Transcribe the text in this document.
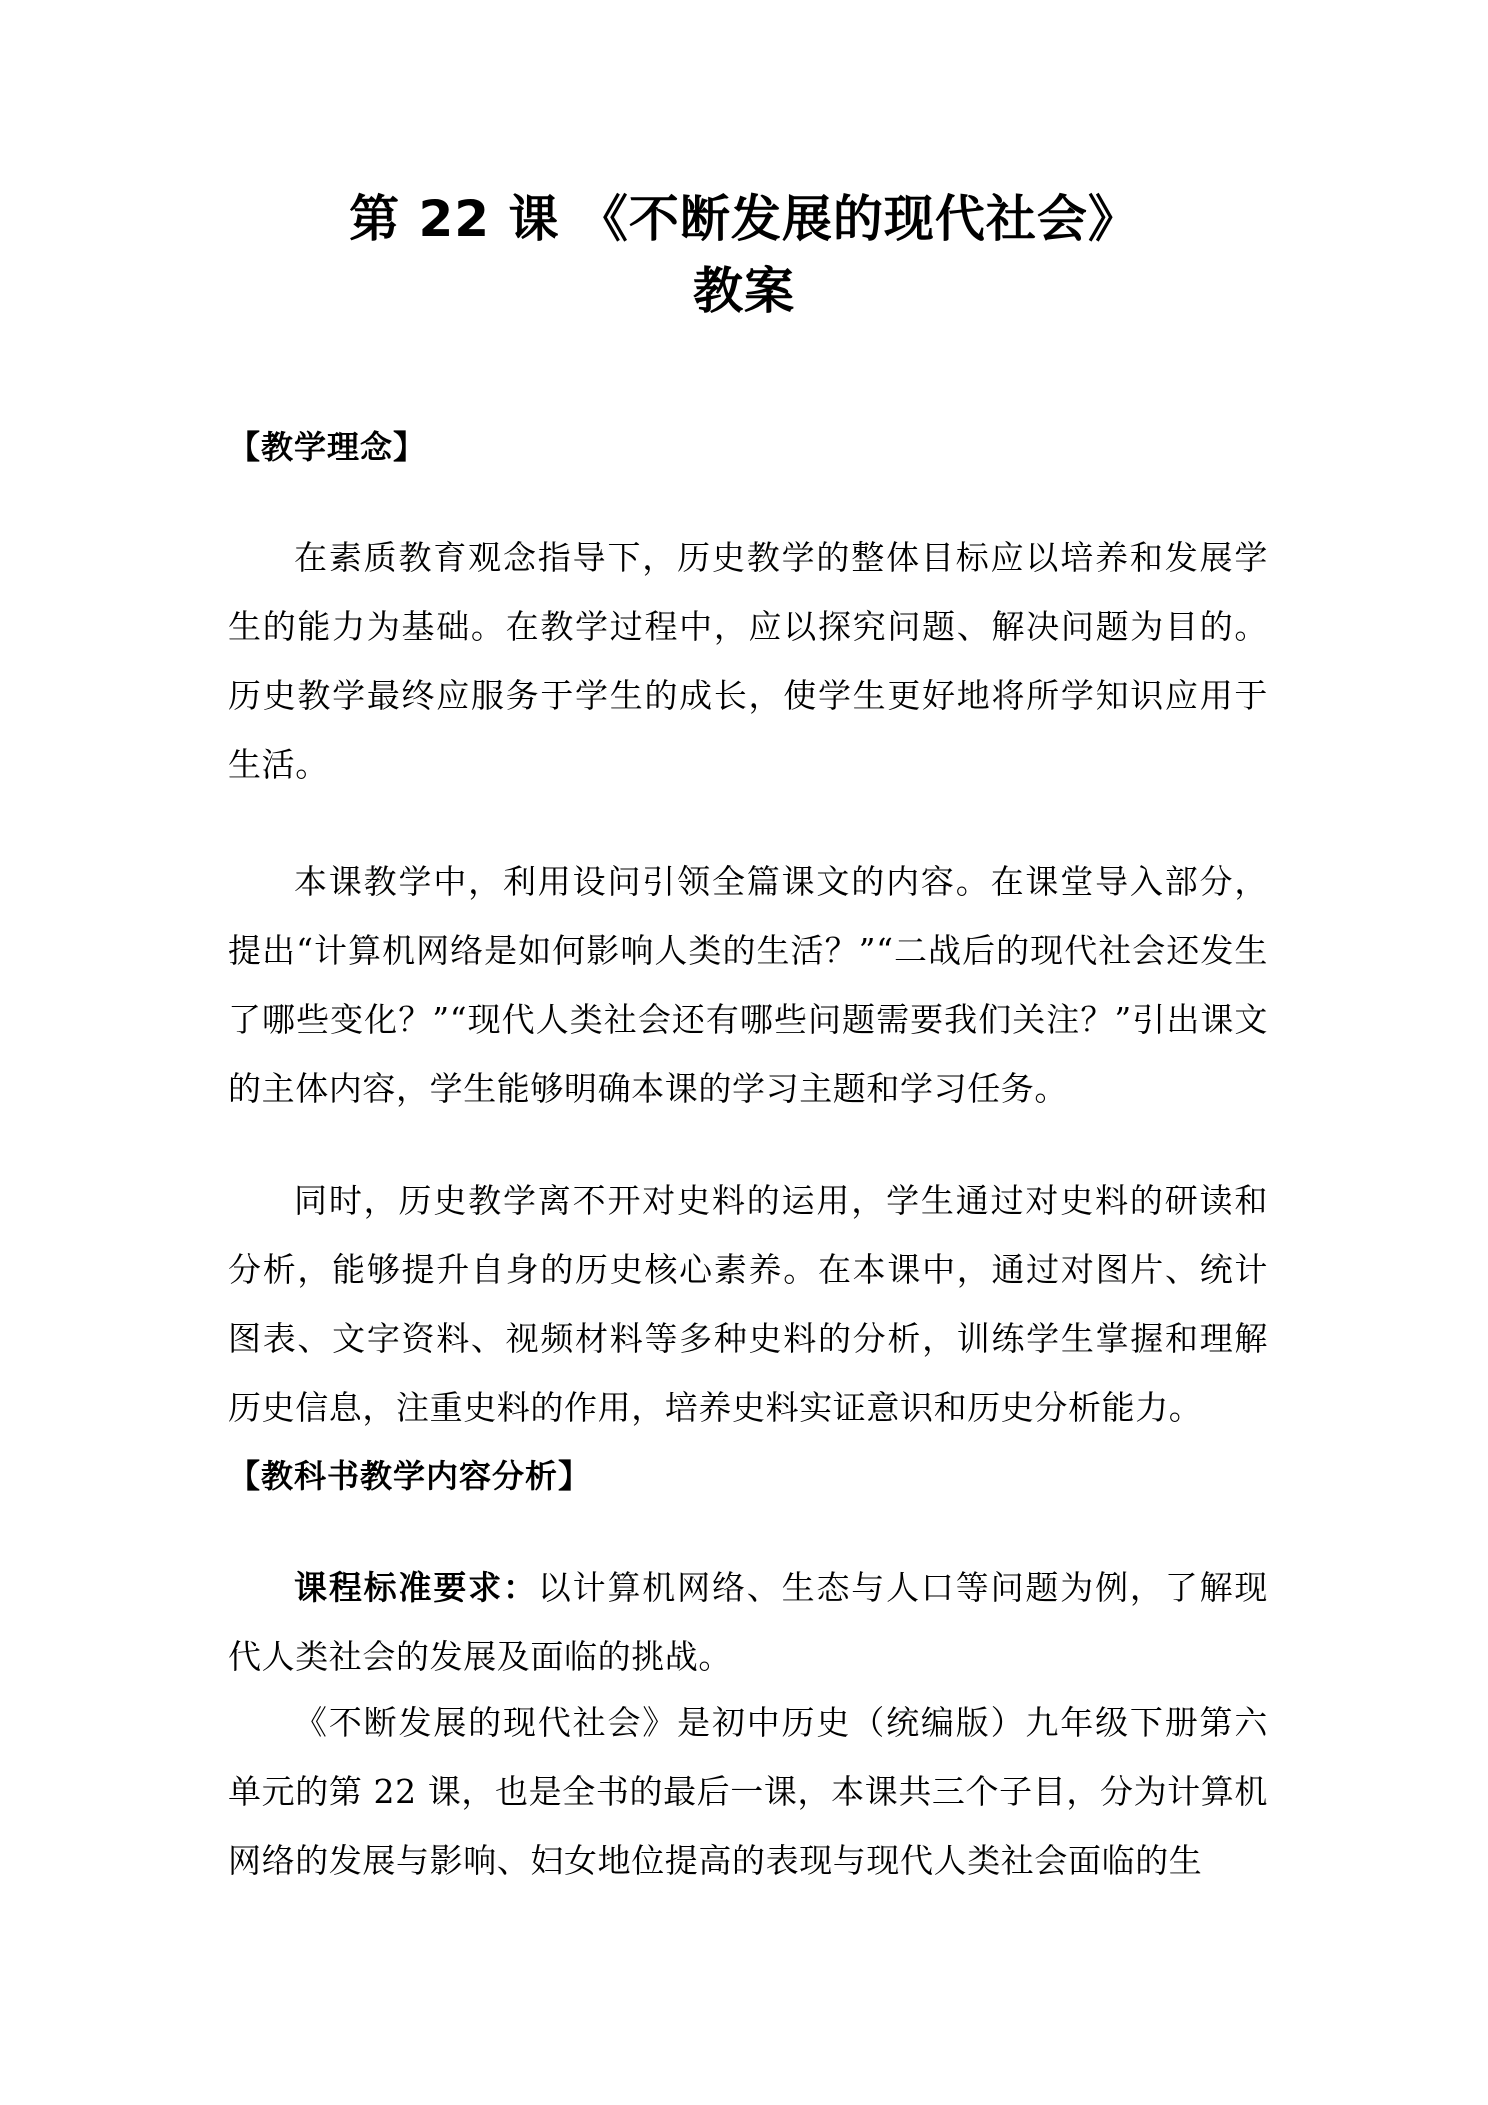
第 22 课 《不断发展的现代社会》
教案
【教学理念】

在素质教育观念指导下，历史教学的整体目标应以培养和发展学生的能力为基础。在教学过程中，应以探究问题、解决问题为目的。历史教学最终应服务于学生的成长，使学生更好地将所学知识应用于生活。

本课教学中，利用设问引领全篇课文的内容。在课堂导入部分，提出“计算机网络是如何影响人类的生活？”“二战后的现代社会还发生了哪些变化？”“现代人类社会还有哪些问题需要我们关注？”引出课文的主体内容，学生能够明确本课的学习主题和学习任务。

同时，历史教学离不开对史料的运用，学生通过对史料的研读和分析，能够提升自身的历史核心素养。在本课中，通过对图片、统计图表、文字资料、视频材料等多种史料的分析，训练学生掌握和理解历史信息，注重史料的作用，培养史料实证意识和历史分析能力。

【教科书教学内容分析】

课程标准要求：以计算机网络、生态与人口等问题为例，了解现代人类社会的发展及面临的挑战。

《不断发展的现代社会》是初中历史（统编版）九年级下册第六单元的第 22 课，也是全书的最后一课，本课共三个子目，分为计算机网络的发展与影响、妇女地位提高的表现与现代人类社会面临的生
